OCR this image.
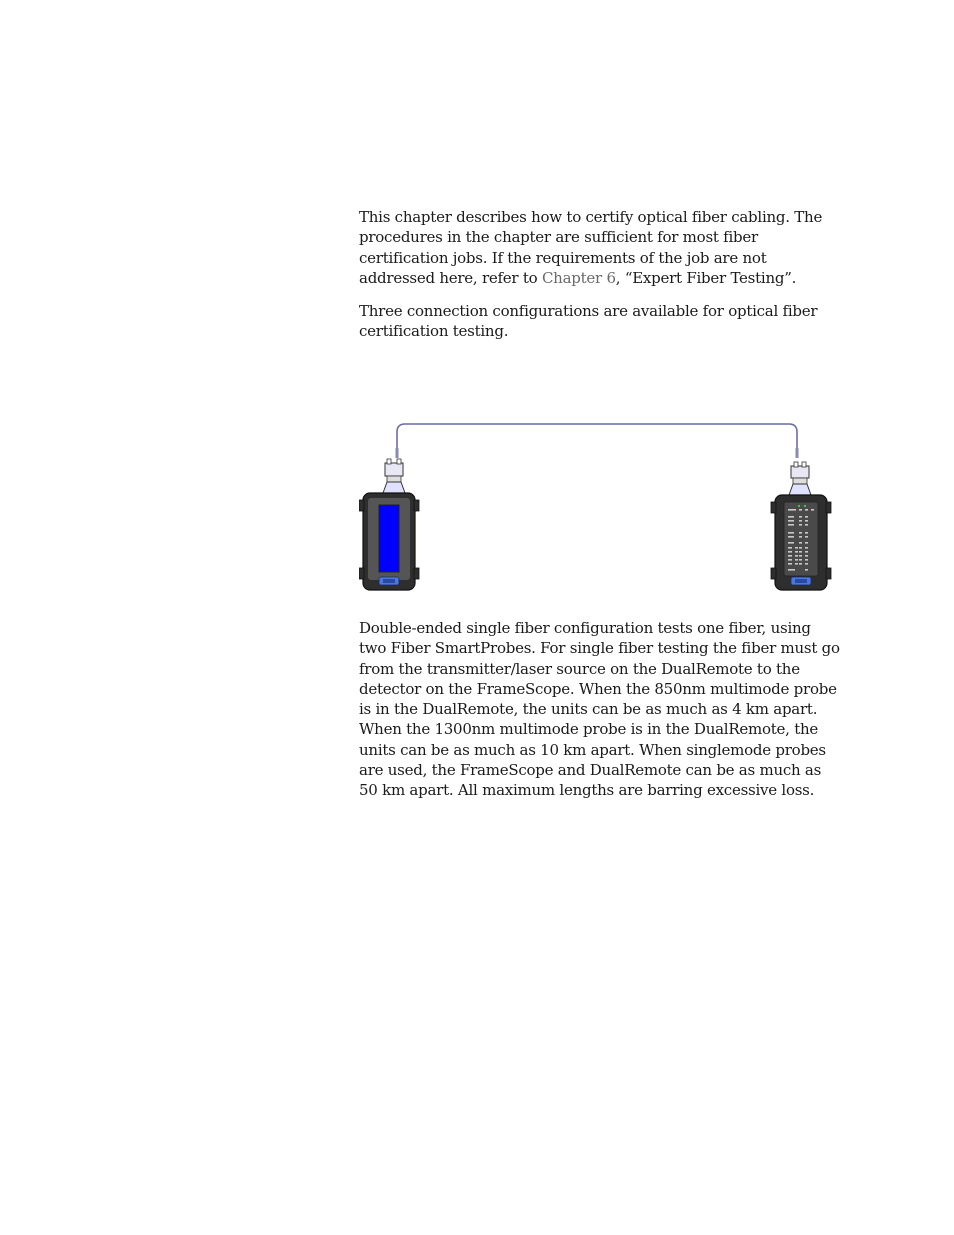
This chapter describes how to certify optical fiber cabling. The

procedures in the chapter are sufficient for most fiber

certification jobs. If the requirements of the job are not

addressed here, refer to Chapter 6, “Expert Fiber Testing”.

Three connection configurations are available for optical fiber

certification testing.

Double-ended single fiber configuration tests one fiber, using

two Fiber SmartProbes. For single fiber testing the fiber must go

from the transmitter/laser source on the DualRemote to the

detector on the FrameScope. When the 850nm multimode probe

is in the DualRemote, the units can be as much as 4 km apart.

When the 1300nm multimode probe is in the DualRemote, the

units can be as much as 10 km apart. When singlemode probes

are used, the FrameScope and DualRemote can be as much as

50 km apart. All maximum lengths are barring excessive loss.
